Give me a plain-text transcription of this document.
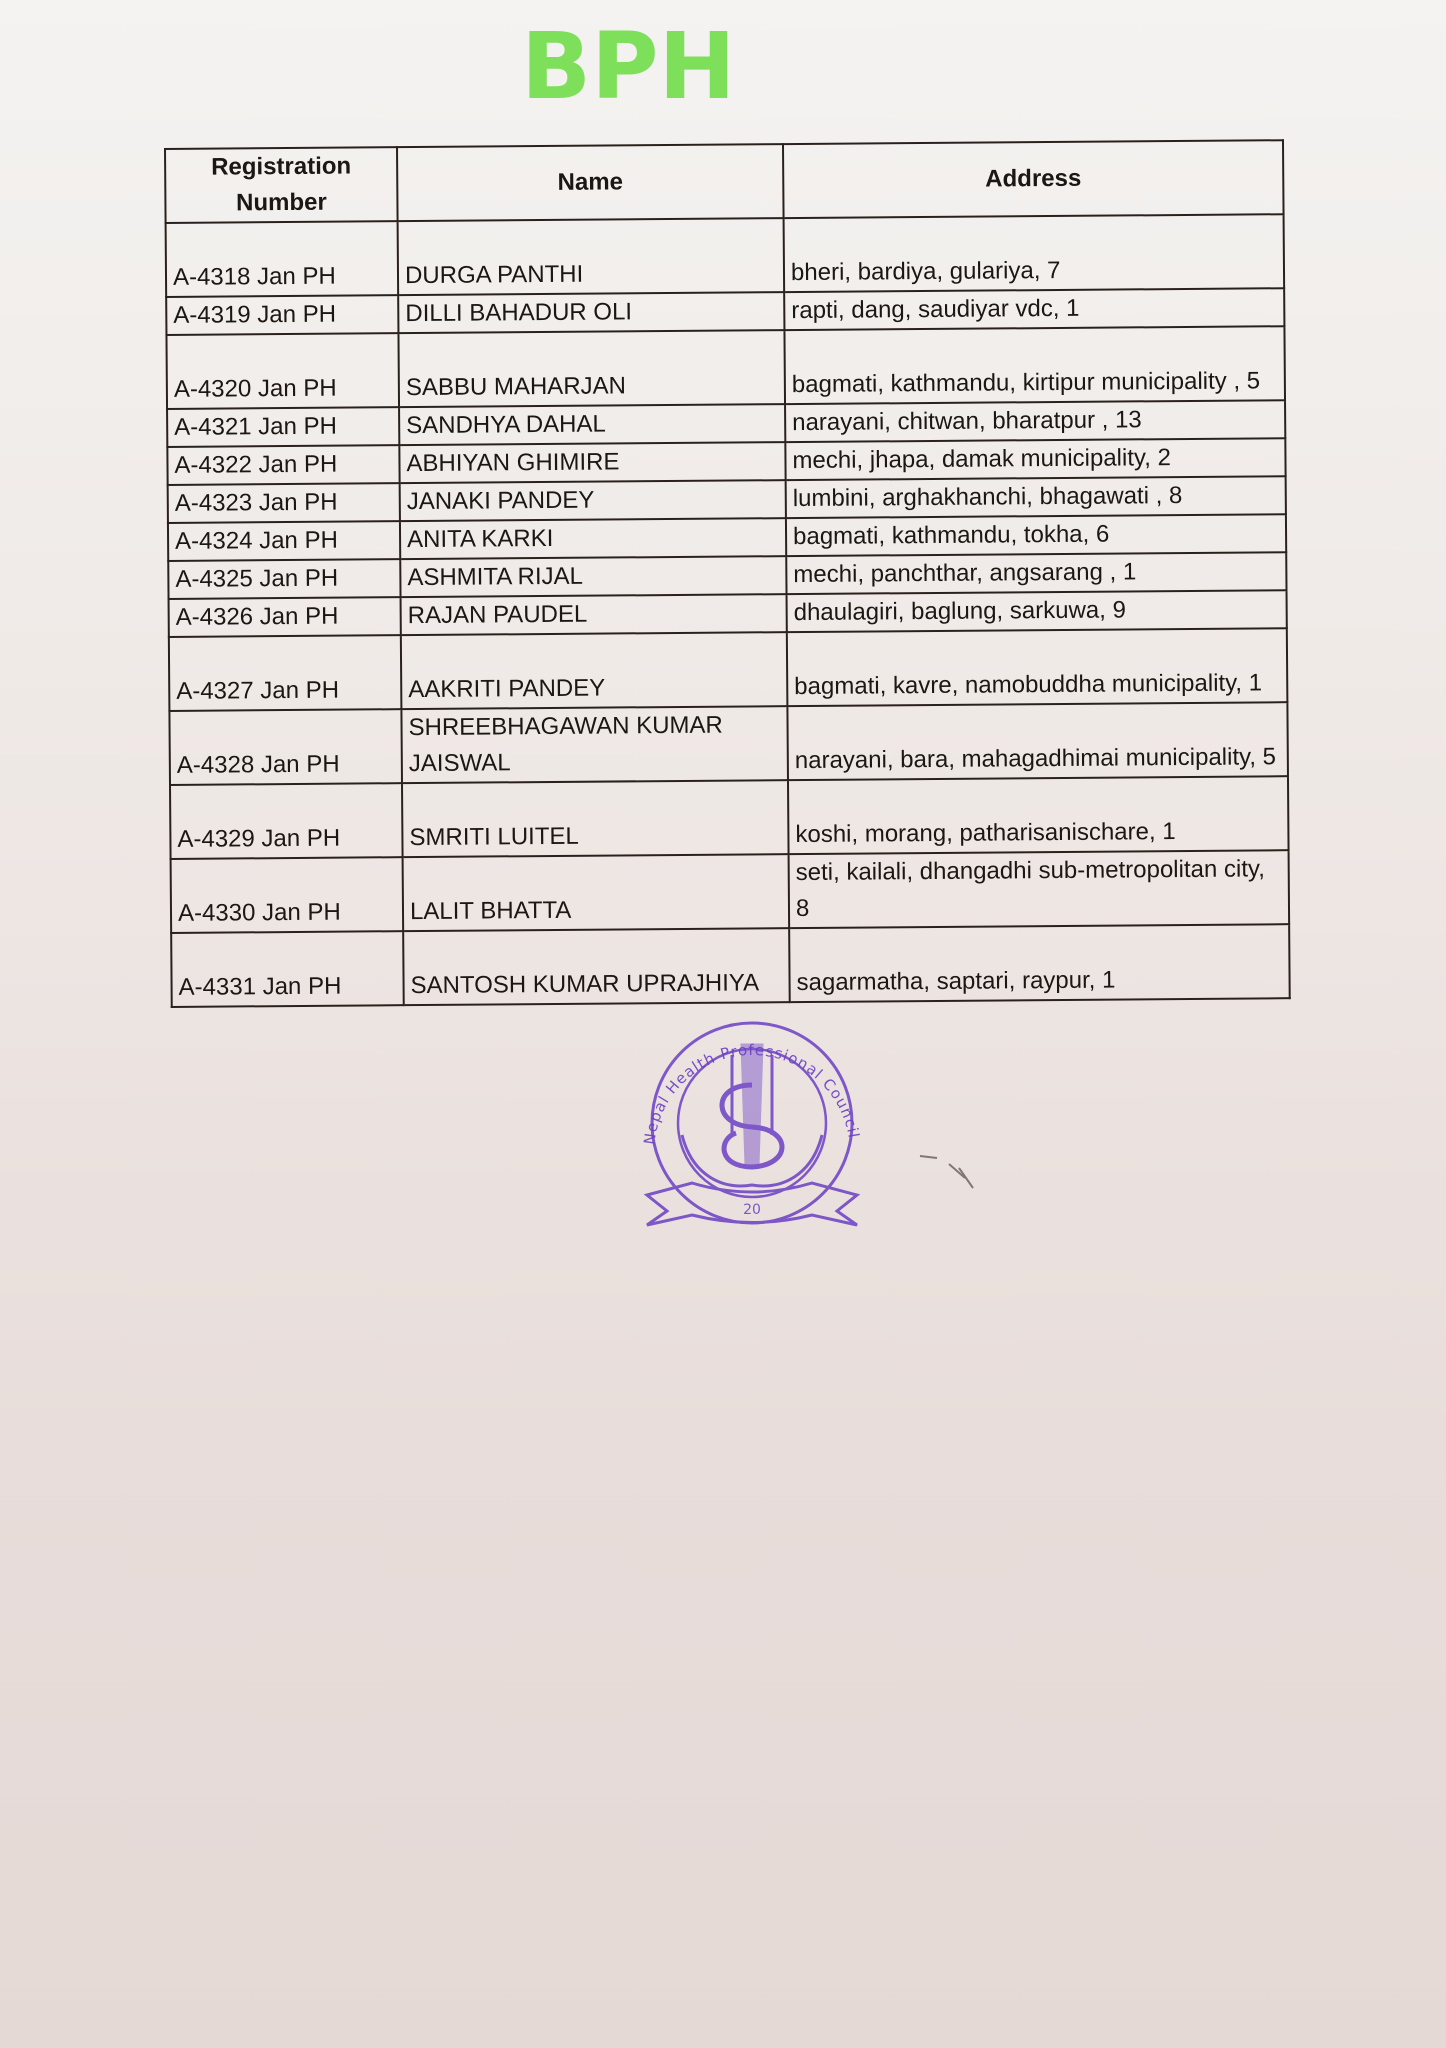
BPH
Registration Number	Name	Address
A-4318 Jan PH	DURGA PANTHI	bheri, bardiya, gulariya, 7
A-4319 Jan PH	DILLI BAHADUR OLI	rapti, dang, saudiyar vdc, 1
A-4320 Jan PH	SABBU MAHARJAN	bagmati, kathmandu, kirtipur municipality , 5
A-4321 Jan PH	SANDHYA DAHAL	narayani, chitwan, bharatpur , 13
A-4322 Jan PH	ABHIYAN GHIMIRE	mechi, jhapa, damak municipality, 2
A-4323 Jan PH	JANAKI PANDEY	lumbini, arghakhanchi, bhagawati , 8
A-4324 Jan PH	ANITA KARKI	bagmati, kathmandu, tokha, 6
A-4325 Jan PH	ASHMITA RIJAL	mechi, panchthar, angsarang , 1
A-4326 Jan PH	RAJAN PAUDEL	dhaulagiri, baglung, sarkuwa, 9
A-4327 Jan PH	AAKRITI PANDEY	bagmati, kavre, namobuddha municipality, 1
A-4328 Jan PH	SHREEBHAGAWAN KUMAR JAISWAL	narayani, bara, mahagadhimai municipality, 5
A-4329 Jan PH	SMRITI LUITEL	koshi, morang, patharisanischare, 1
A-4330 Jan PH	LALIT BHATTA	seti, kailali, dhangadhi sub-metropolitan city, 8
A-4331 Jan PH	SANTOSH KUMAR UPRAJHIYA	sagarmatha, saptari, raypur, 1
Nepal Health Professional Council
20
